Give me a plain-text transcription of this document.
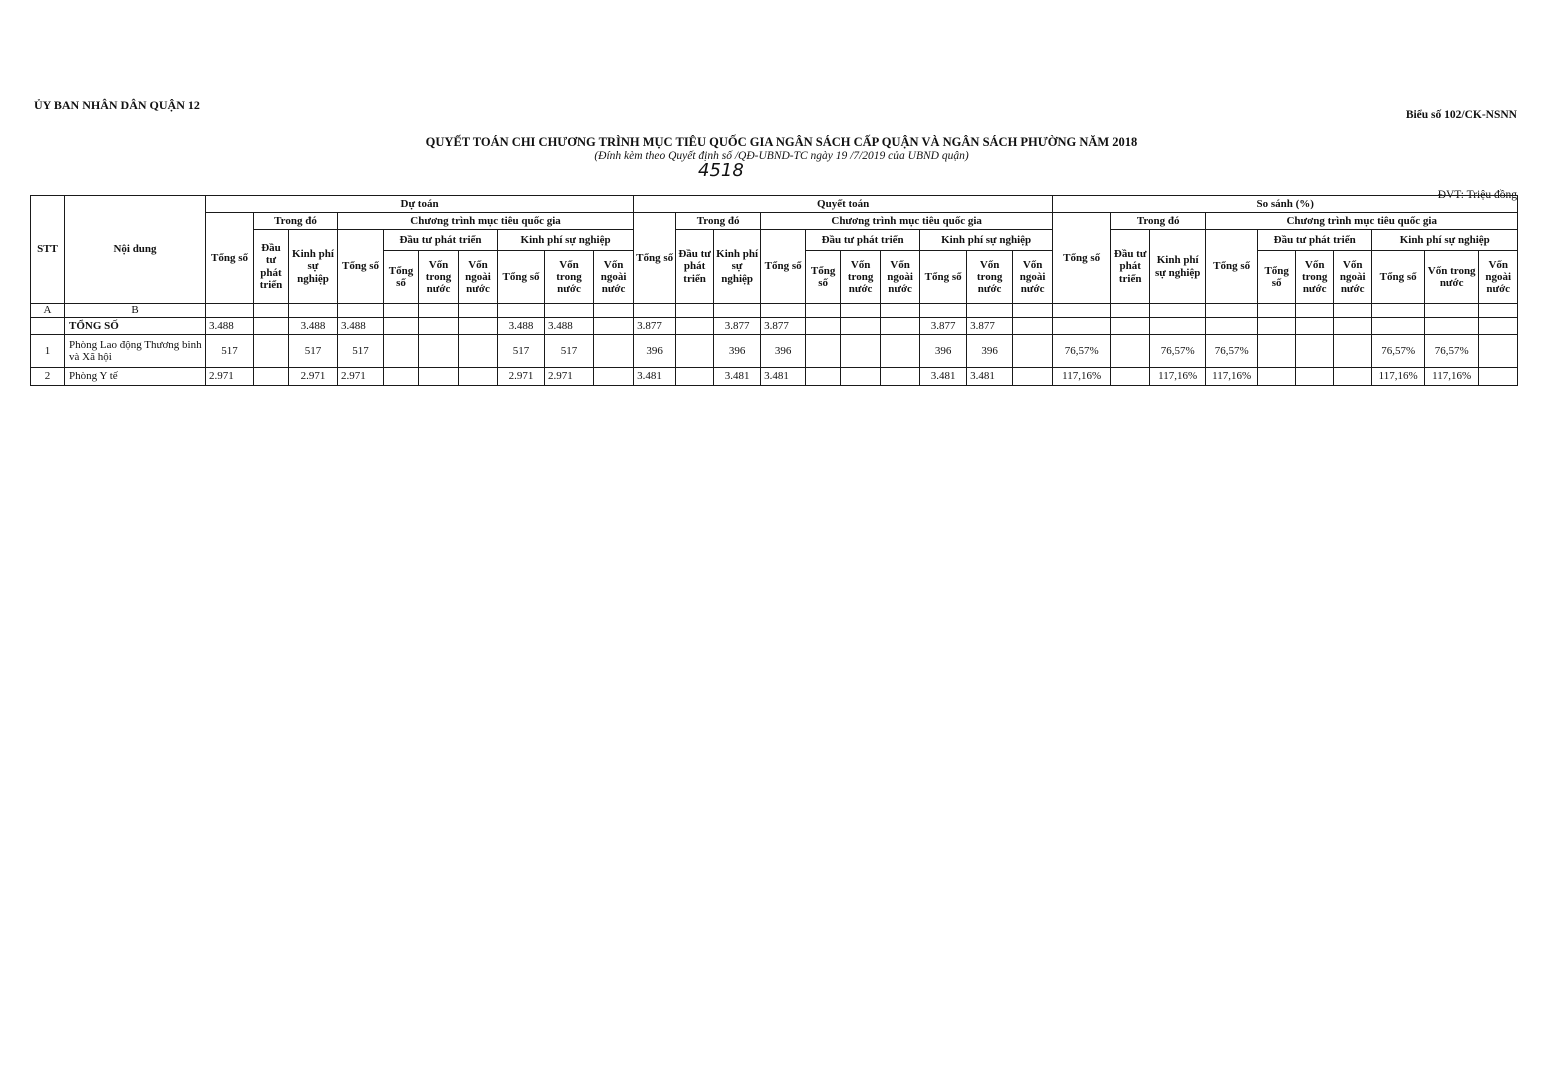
ỦY BAN NHÂN DÂN QUẬN 12
Biểu số 102/CK-NSNN
QUYẾT TOÁN CHI CHƯƠNG TRÌNH MỤC TIÊU QUỐC GIA NGÂN SÁCH CẤP QUẬN VÀ NGÂN SÁCH PHƯỜNG NĂM 2018
(Đính kèm theo Quyết định số /QĐ-UBND-TC ngày 19 /7/2019 của UBND quận)
4518
ĐVT: Triệu đồng
STT	Nội dung	Dự toán										Quyết toán										So sánh (%)									
		Tổng số	Trong đó		Chương trình mục tiêu quốc gia							Tổng số	Trong đó		Chương trình mục tiêu quốc gia							Tổng số	Trong đó		Chương trình mục tiêu quốc gia						
			Đầu tư phát triển	Kinh phí sự nghiệp	Tổng số	Đầu tư phát triển			Kinh phí sự nghiệp				Đầu tư phát triển	Kinh phí sự nghiệp	Tổng số	Đầu tư phát triển			Kinh phí sự nghiệp				Đầu tư phát triển	Kinh phí sự nghiệp	Tổng số	Đầu tư phát triển			Kinh phí sự nghiệp		
						Tổng số	Vốn trong nước	Vốn ngoài nước	Tổng số	Vốn trong nước	Vốn ngoài nước					Tổng số	Vốn trong nước	Vốn ngoài nước	Tổng số	Vốn trong nước	Vốn ngoài nước					Tổng số	Vốn trong nước	Vốn ngoài nước	Tổng số	Vốn trong nước	Vốn ngoài nước
A	B																														
	TỔNG SỐ	3.488		3.488	3.488				3.488	3.488		3.877		3.877	3.877				3.877	3.877											
1	Phòng Lao động Thương binh và Xã hội	517		517	517				517	517		396		396	396				396	396		76,57%		76,57%	76,57%				76,57%	76,57%	
2	Phòng Y tế	2.971		2.971	2.971				2.971	2.971		3.481		3.481	3.481				3.481	3.481		117,16%		117,16%	117,16%				117,16%	117,16%	
